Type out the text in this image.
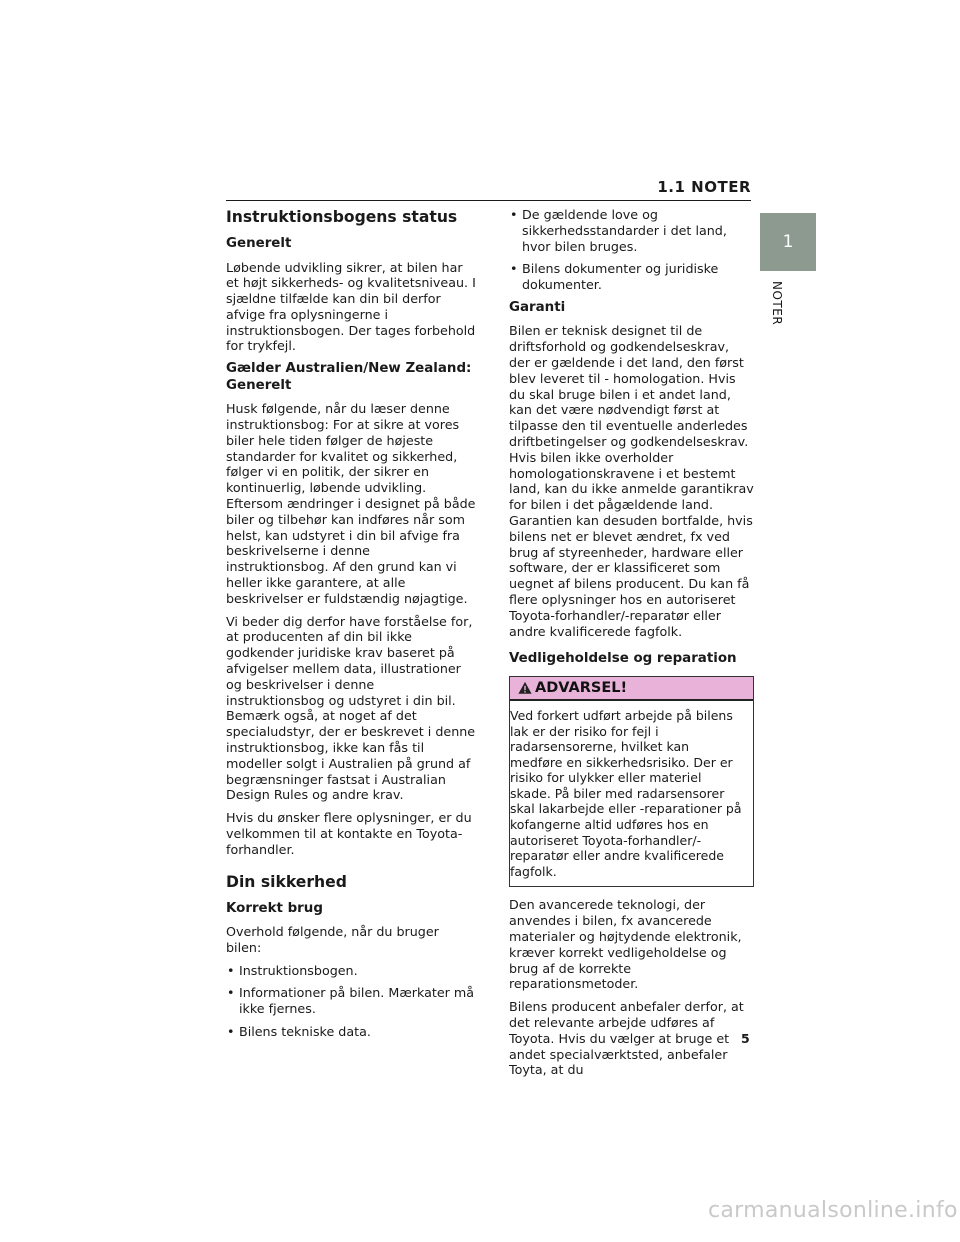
1.1 NOTER
1
NOTER
Instruktionsbogens status
Generelt

Løbende udvikling sikrer, at bilen har et højt sikkerheds- og kvalitetsniveau. I sjældne tilfælde kan din bil derfor afvige fra oplysningerne i instruktionsbogen. Der tages forbehold for trykfejl.

Gælder Australien/New Zealand: Generelt

Husk følgende, når du læser denne instruktionsbog: For at sikre at vores biler hele tiden følger de højeste standarder for kvalitet og sikkerhed, følger vi en politik, der sikrer en kontinuerlig, løbende udvikling. Eftersom ændringer i designet på både biler og tilbehør kan indføres når som helst, kan udstyret i din bil afvige fra beskrivelserne i denne instruktionsbog. Af den grund kan vi heller ikke garantere, at alle beskrivelser er fuldstændig nøjagtige.

Vi beder dig derfor have forståelse for, at producenten af din bil ikke godkender juridiske krav baseret på afvigelser mellem data, illustrationer og beskrivelser i denne instruktionsbog og udstyret i din bil. Bemærk også, at noget af det specialudstyr, der er beskrevet i denne instruktionsbog, ikke kan fås til modeller solgt i Australien på grund af begrænsninger fastsat i Australian Design Rules og andre krav.

Hvis du ønsker flere oplysninger, er du velkommen til at kontakte en Toyota-forhandler.

Din sikkerhed
Korrekt brug

Overhold følgende, når du bruger bilen:

• Instruktionsbogen.
• Informationer på bilen. Mærkater må ikke fjernes.
• Bilens tekniske data.
• De gældende love og sikkerhedsstandarder i det land, hvor bilen bruges.
• Bilens dokumenter og juridiske dokumenter.
Garanti

Bilen er teknisk designet til de driftsforhold og godkendelseskrav, der er gældende i det land, den først blev leveret til - homologation. Hvis du skal bruge bilen i et andet land, kan det være nødvendigt først at tilpasse den til eventuelle anderledes driftbetingelser og godkendelseskrav. Hvis bilen ikke overholder homologationskravene i et bestemt land, kan du ikke anmelde garantikrav for bilen i det pågældende land. Garantien kan desuden bortfalde, hvis bilens net er blevet ændret, fx ved brug af styreenheder, hardware eller software, der er klassificeret som uegnet af bilens producent. Du kan få flere oplysninger hos en autoriseret Toyota-forhandler/-reparatør eller andre kvalificerede fagfolk.

Vedligeholdelse og reparation
ADVARSEL!

Ved forkert udført arbejde på bilens lak er der risiko for fejl i radarsensorerne, hvilket kan medføre en sikkerhedsrisiko. Der er risiko for ulykker eller materiel skade. På biler med radarsensorer skal lakarbejde eller -reparationer på kofangerne altid udføres hos en autoriseret Toyota-forhandler/-reparatør eller andre kvalificerede fagfolk.

Den avancerede teknologi, der anvendes i bilen, fx avancerede materialer og højtydende elektronik, kræver korrekt vedligeholdelse og brug af de korrekte reparationsmetoder.

Bilens producent anbefaler derfor, at det relevante arbejde udføres af Toyota. Hvis du vælger at bruge et andet specialværktsted, anbefaler Toyta, at du

5
carmanualsonline.info
